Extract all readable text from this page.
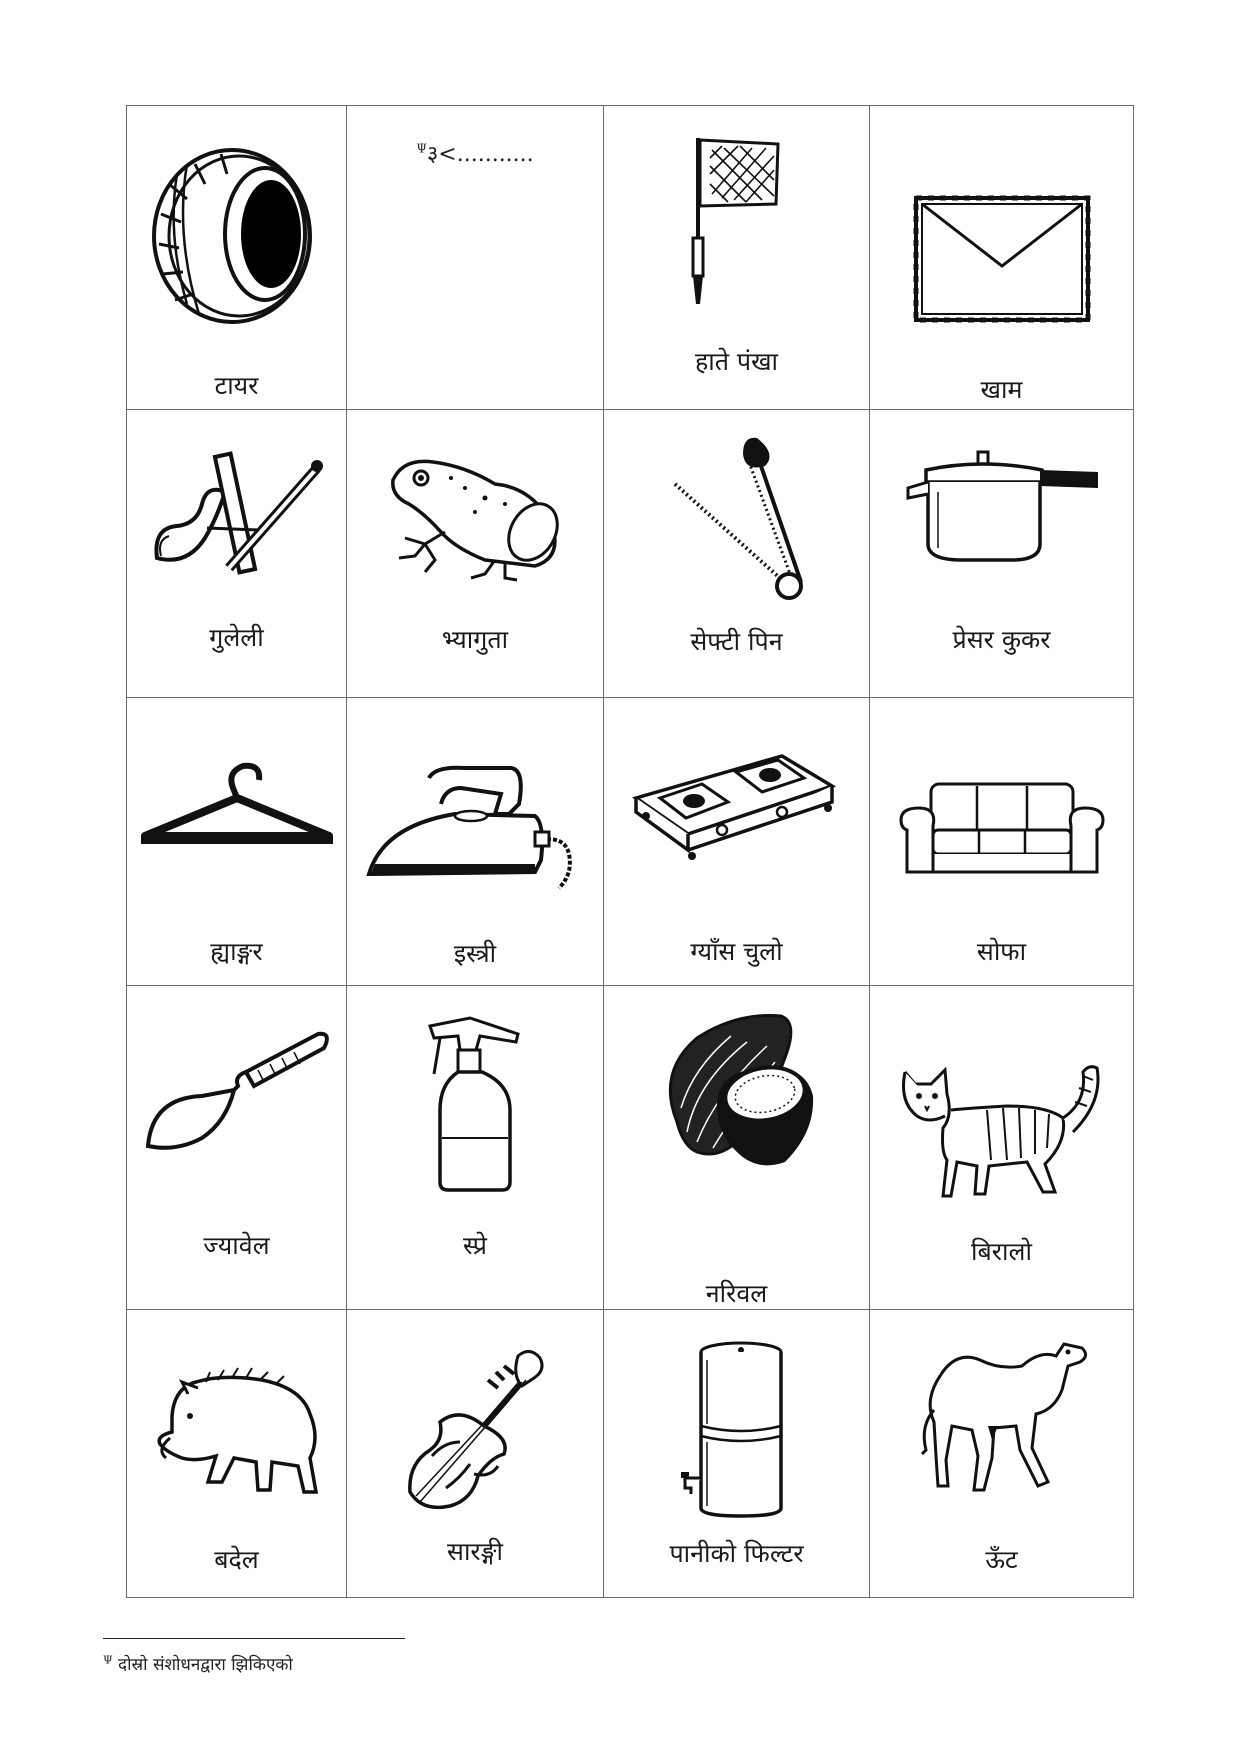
टायर	$^\Psi$३<...........	हाते पंखा	खाम

गुलेली	भ्यागुता	सेफ्टी पिन	प्रेसर कुकर

ह्याङ्गर	इस्त्री	ग्याँस चुलो	सोफा

ज्यावेल	स्प्रे	नरिवल	बिरालो

बदेल	सारङ्गी	पानीको फिल्टर	ऊँट
$^\Psi$ दोस्रो संशोधनद्वारा झिकिएको
